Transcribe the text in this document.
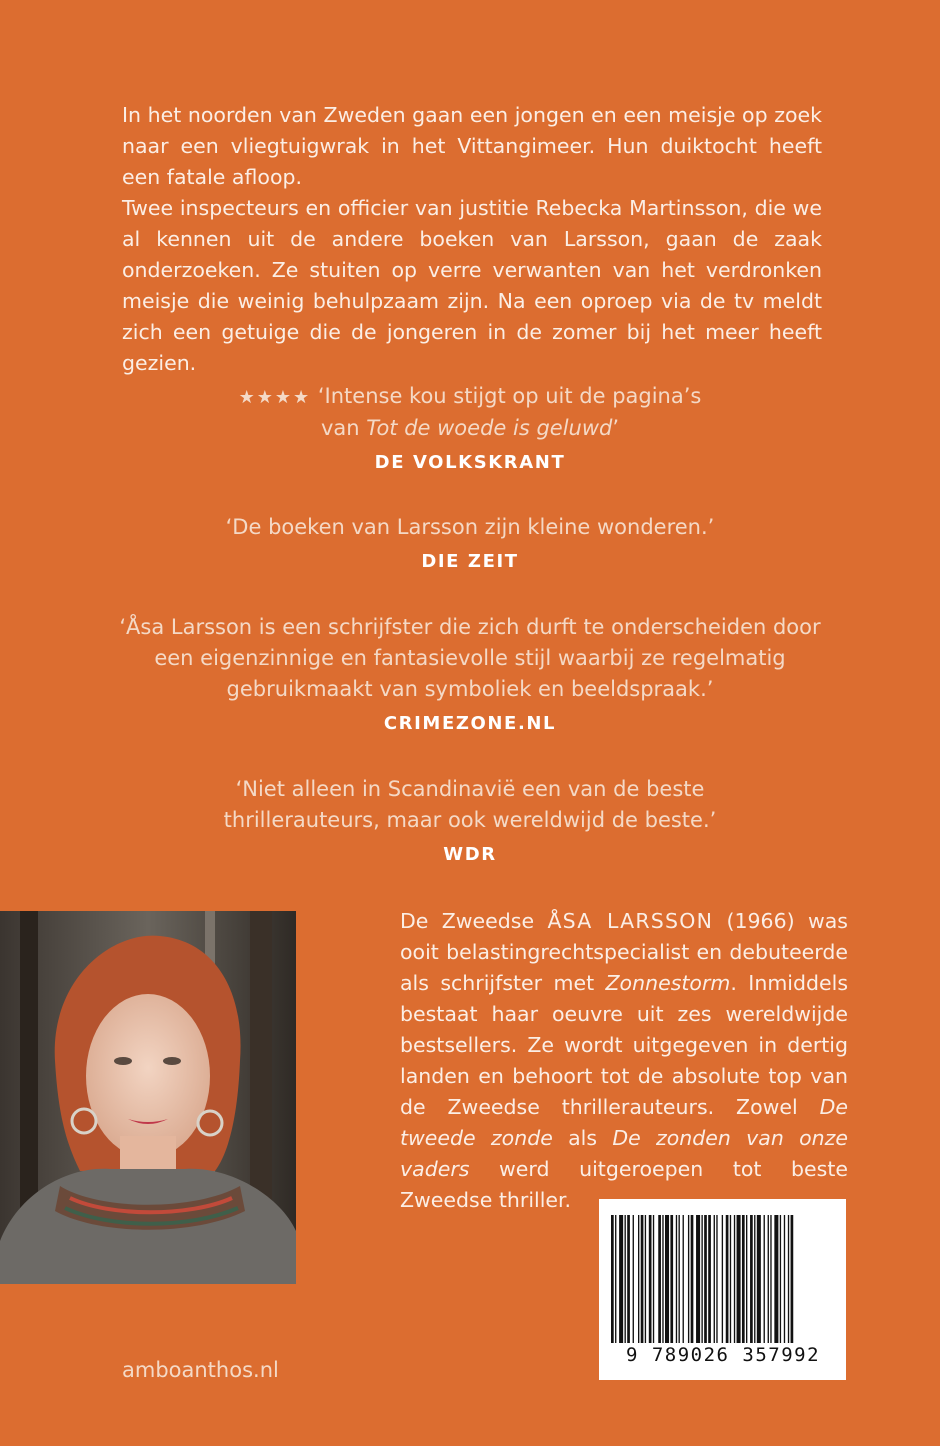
In het noorden van Zweden gaan een jongen en een meisje op zoek naar een vliegtuigwrak in het Vittangimeer. Hun duiktocht heeft een fatale afloop.

Twee inspecteurs en officier van justitie Rebecka Martinsson, die we al kennen uit de andere boeken van Larsson, gaan de zaak onderzoeken. Ze stuiten op verre verwanten van het verdronken meisje die weinig behulpzaam zijn. Na een oproep via de tv meldt zich een getuige die de jongeren in de zomer bij het meer heeft gezien.

★★★★ ‘Intense kou stijgt op uit de pagina’s
van Tot de woede is geluwd’
DE VOLKSKRANT
‘De boeken van Larsson zijn kleine wonderen.’
DIE ZEIT
‘Åsa Larsson is een schrijfster die zich durft te onderscheiden door een eigenzinnige en fantasievolle stijl waarbij ze regelmatig gebruikmaakt van symboliek en beeldspraak.’
CRIMEZONE.NL
‘Niet alleen in Scandinavië een van de beste thrillerauteurs, maar ook wereldwijd de beste.’
WDR
De Zweedse ÅSA LARSSON (1966) was ooit belastingrechtspecialist en debuteerde als schrijfster met Zonnestorm. Inmiddels bestaat haar oeuvre uit zes wereldwijde bestsellers. Ze wordt uitgegeven in dertig landen en behoort tot de absolute top van de Zweedse thrillerauteurs. Zowel De tweede zonde als De zonden van onze vaders werd uitgeroepen tot beste Zweedse thriller.
9 789026 357992
amboanthos.nl
